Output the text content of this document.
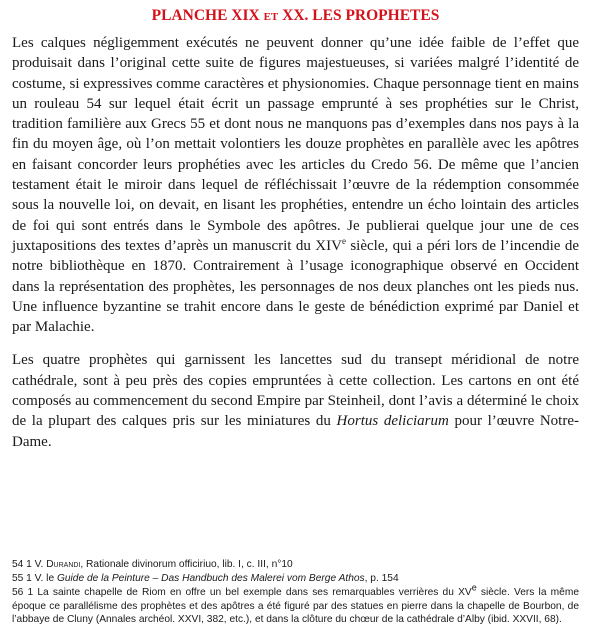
PLANCHE XIX ET XX. LES PROPHETES

Les calques négligemment exécutés ne peuvent donner qu’une idée faible de l’effet que produisait dans l’original cette suite de figures majestueuses, si variées malgré l’identité de costume, si expressives comme caractères et physionomies. Chaque personnage tient en mains un rouleau 54 sur lequel était écrit un passage emprunté à ses prophéties sur le Christ, tradition familière aux Grecs 55 et dont nous ne manquons pas d’exemples dans nos pays à la fin du moyen âge, où l’on mettait volontiers les douze prophètes en parallèle avec les apôtres en faisant concorder leurs prophéties avec les articles du Credo 56. De même que l’ancien testament était le miroir dans lequel de réfléchissait l’œuvre de la rédemption consommée sous la nouvelle loi, on devait, en lisant les prophéties, entendre un écho lointain des articles de foi qui sont entrés dans le Symbole des apôtres. Je publierai quelque jour une de ces juxtapositions des textes d’après un manuscrit du XIVe siècle, qui a péri lors de l’incendie de notre bibliothèque en 1870. Contrairement à l’usage iconographique observé en Occident dans la représentation des prophètes, les personnages de nos deux planches ont les pieds nus. Une influence byzantine se trahit encore dans le geste de bénédiction exprimé par Daniel et par Malachie.

Les quatre prophètes qui garnissent les lancettes sud du transept méridional de notre cathédrale, sont à peu près des copies empruntées à cette collection. Les cartons en ont été composés au commencement du second Empire par Steinheil, dont l’avis a déterminé le choix de la plupart des calques pris sur les miniatures du Hortus deliciarum pour l’œuvre Notre-Dame.

54 1 V. Durandi, Rationale divinorum officiriuo, lib. I, c. III, n°10

55 1 V. le Guide de la Peinture – Das Handbuch des Malerei vom Berge Athos, p. 154

56 1 La sainte chapelle de Riom en offre un bel exemple dans ses remarquables verrières du XVe siècle. Vers la même époque ce parallélisme des prophètes et des apôtres a été figuré par des statues en pierre dans la chapelle de Bourbon, de l’abbaye de Cluny (Annales archéol. XXVI, 382, etc.), et dans la clôture du chœur de la cathédrale d’Alby (ibid. XXVII, 68).
